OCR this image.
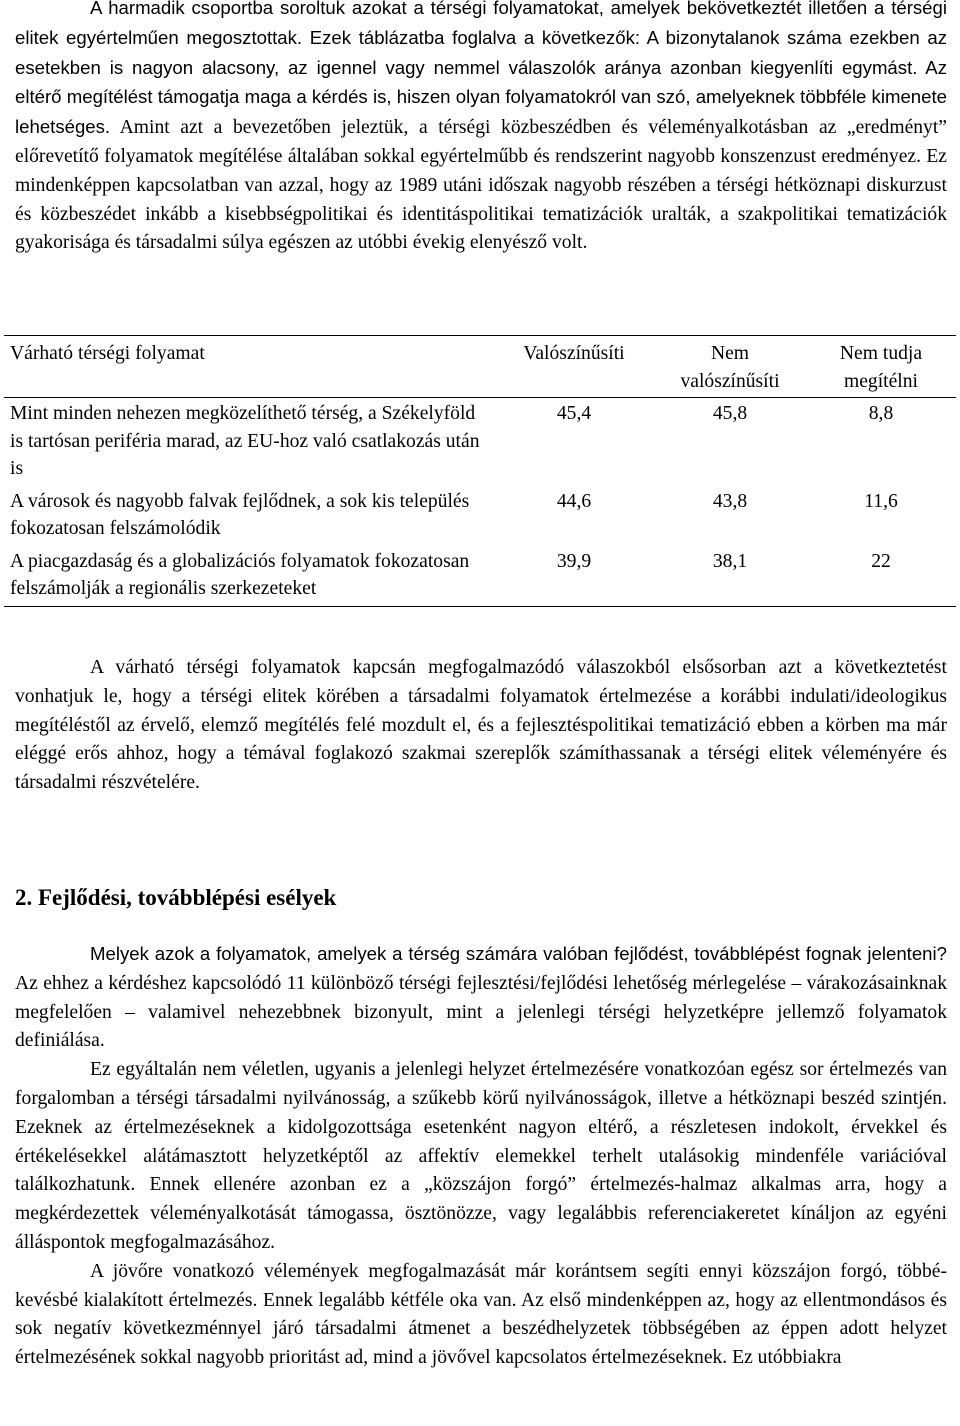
A harmadik csoportba soroltuk azokat a térségi folyamatokat, amelyek bekövetkeztét illetően a térségi elitek egyértelműen megosztottak. Ezek táblázatba foglalva a következők: A bizonytalanok száma ezekben az esetekben is nagyon alacsony, az igennel vagy nemmel válaszolók aránya azonban kiegyenlíti egymást. Az eltérő megítélést támogatja maga a kérdés is, hiszen olyan folyamatokról van szó, amelyeknek többféle kimenete lehetséges. Amint azt a bevezetőben jeleztük, a térségi közbeszédben és véleményalkotásban az „eredményt” előrevetítő folyamatok megítélése általában sokkal egyértelműbb és rendszerint nagyobb konszenzust eredményez. Ez mindenképpen kapcsolatban van azzal, hogy az 1989 utáni időszak nagyobb részében a térségi hétköznapi diskurzust és közbeszédet inkább a kisebbségpolitikai és identitáspolitikai tematizációk uralták, a szakpolitikai tematizációk gyakorisága és társadalmi súlya egészen az utóbbi évekig elenyésző volt.

Várható térségi folyamat	Valószínűsíti	Nem valószínűsíti	Nem tudja megítélni
Mint minden nehezen megközelíthető térség, a Székelyföld is tartósan periféria marad, az EU-hoz való csatlakozás után is	45,4	45,8	8,8
A városok és nagyobb falvak fejlődnek, a sok kis település fokozatosan felszámolódik	44,6	43,8	11,6
A piacgazdaság és a globalizációs folyamatok fokozatosan felszámolják a regionális szerkezeteket	39,9	38,1	22

A várható térségi folyamatok kapcsán megfogalmazódó válaszokból elsősorban azt a következtetést vonhatjuk le, hogy a térségi elitek körében a társadalmi folyamatok értelmezése a korábbi indulati/ideologikus megítéléstől az érvelő, elemző megítélés felé mozdult el, és a fejlesztéspolitikai tematizáció ebben a körben ma már eléggé erős ahhoz, hogy a témával foglakozó szakmai szereplők számíthassanak a térségi elitek véleményére és társadalmi részvételére.

2. Fejlődési, továbblépési esélyek

Melyek azok a folyamatok, amelyek a térség számára valóban fejlődést, továbblépést fognak jelenteni? Az ehhez a kérdéshez kapcsolódó 11 különböző térségi fejlesztési/fejlődési lehetőség mérlegelése – várakozásainknak megfelelően – valamivel nehezebbnek bizonyult, mint a jelenlegi térségi helyzetképre jellemző folyamatok definiálása.

Ez egyáltalán nem véletlen, ugyanis a jelenlegi helyzet értelmezésére vonatkozóan egész sor értelmezés van forgalomban a térségi társadalmi nyilvánosság, a szűkebb körű nyilvánosságok, illetve a hétköznapi beszéd szintjén. Ezeknek az értelmezéseknek a kidolgozottsága esetenként nagyon eltérő, a részletesen indokolt, érvekkel és értékelésekkel alátámasztott helyzetképtől az affektív elemekkel terhelt utalásokig mindenféle variációval találkozhatunk. Ennek ellenére azonban ez a „közszájon forgó” értelmezés-halmaz alkalmas arra, hogy a megkérdezettek véleményalkotását támogassa, ösztönözze, vagy legalábbis referenciakeretet kínáljon az egyéni álláspontok megfogalmazásához.

A jövőre vonatkozó vélemények megfogalmazását már korántsem segíti ennyi közszájon forgó, többé-kevésbé kialakított értelmezés. Ennek legalább kétféle oka van. Az első mindenképpen az, hogy az ellentmondásos és sok negatív következménnyel járó társadalmi átmenet a beszédhelyzetek többségében az éppen adott helyzet értelmezésének sokkal nagyobb prioritást ad, mind a jövővel kapcsolatos értelmezéseknek. Ez utóbbiakra
